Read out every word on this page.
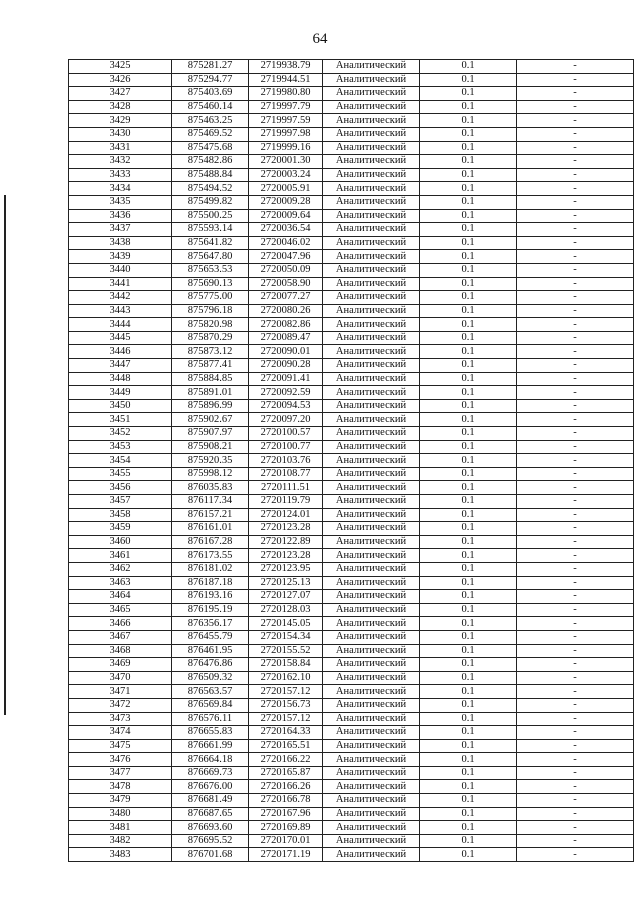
64
3425	875281.27	2719938.79	Аналитический	0.1	-
3426	875294.77	2719944.51	Аналитический	0.1	-
3427	875403.69	2719980.80	Аналитический	0.1	-
3428	875460.14	2719997.79	Аналитический	0.1	-
3429	875463.25	2719997.59	Аналитический	0.1	-
3430	875469.52	2719997.98	Аналитический	0.1	-
3431	875475.68	2719999.16	Аналитический	0.1	-
3432	875482.86	2720001.30	Аналитический	0.1	-
3433	875488.84	2720003.24	Аналитический	0.1	-
3434	875494.52	2720005.91	Аналитический	0.1	-
3435	875499.82	2720009.28	Аналитический	0.1	-
3436	875500.25	2720009.64	Аналитический	0.1	-
3437	875593.14	2720036.54	Аналитический	0.1	-
3438	875641.82	2720046.02	Аналитический	0.1	-
3439	875647.80	2720047.96	Аналитический	0.1	-
3440	875653.53	2720050.09	Аналитический	0.1	-
3441	875690.13	2720058.90	Аналитический	0.1	-
3442	875775.00	2720077.27	Аналитический	0.1	-
3443	875796.18	2720080.26	Аналитический	0.1	-
3444	875820.98	2720082.86	Аналитический	0.1	-
3445	875870.29	2720089.47	Аналитический	0.1	-
3446	875873.12	2720090.01	Аналитический	0.1	-
3447	875877.41	2720090.28	Аналитический	0.1	-
3448	875884.85	2720091.41	Аналитический	0.1	-
3449	875891.01	2720092.59	Аналитический	0.1	-
3450	875896.99	2720094.53	Аналитический	0.1	-
3451	875902.67	2720097.20	Аналитический	0.1	-
3452	875907.97	2720100.57	Аналитический	0.1	-
3453	875908.21	2720100.77	Аналитический	0.1	-
3454	875920.35	2720103.76	Аналитический	0.1	-
3455	875998.12	2720108.77	Аналитический	0.1	-
3456	876035.83	2720111.51	Аналитический	0.1	-
3457	876117.34	2720119.79	Аналитический	0.1	-
3458	876157.21	2720124.01	Аналитический	0.1	-
3459	876161.01	2720123.28	Аналитический	0.1	-
3460	876167.28	2720122.89	Аналитический	0.1	-
3461	876173.55	2720123.28	Аналитический	0.1	-
3462	876181.02	2720123.95	Аналитический	0.1	-
3463	876187.18	2720125.13	Аналитический	0.1	-
3464	876193.16	2720127.07	Аналитический	0.1	-
3465	876195.19	2720128.03	Аналитический	0.1	-
3466	876356.17	2720145.05	Аналитический	0.1	-
3467	876455.79	2720154.34	Аналитический	0.1	-
3468	876461.95	2720155.52	Аналитический	0.1	-
3469	876476.86	2720158.84	Аналитический	0.1	-
3470	876509.32	2720162.10	Аналитический	0.1	-
3471	876563.57	2720157.12	Аналитический	0.1	-
3472	876569.84	2720156.73	Аналитический	0.1	-
3473	876576.11	2720157.12	Аналитический	0.1	-
3474	876655.83	2720164.33	Аналитический	0.1	-
3475	876661.99	2720165.51	Аналитический	0.1	-
3476	876664.18	2720166.22	Аналитический	0.1	-
3477	876669.73	2720165.87	Аналитический	0.1	-
3478	876676.00	2720166.26	Аналитический	0.1	-
3479	876681.49	2720166.78	Аналитический	0.1	-
3480	876687.65	2720167.96	Аналитический	0.1	-
3481	876693.60	2720169.89	Аналитический	0.1	-
3482	876695.52	2720170.01	Аналитический	0.1	-
3483	876701.68	2720171.19	Аналитический	0.1	-
